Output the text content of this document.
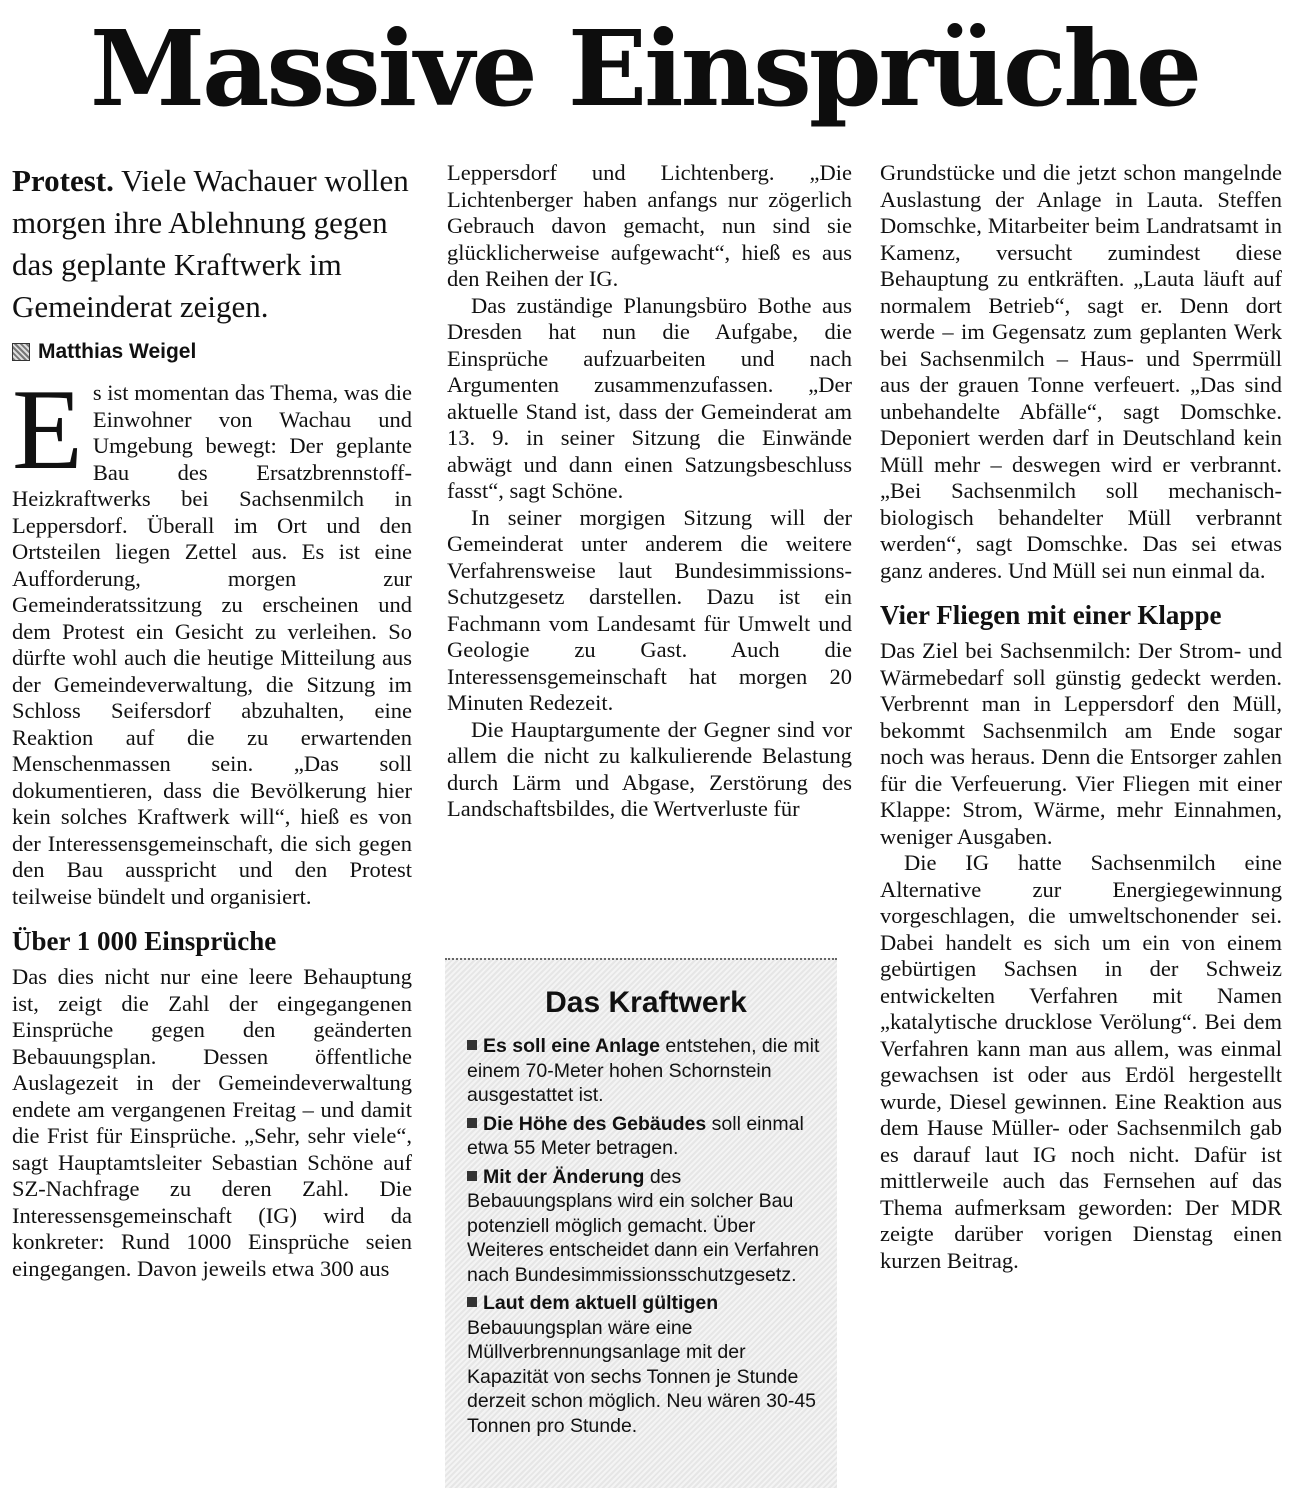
Massive Einsprüche

Protest. Viele Wachauer wollen morgen ihre Ablehnung gegen das geplante Kraftwerk im Gemeinderat zeigen.

Matthias Weigel

Es ist momentan das Thema, was die Einwohner von Wachau und Umgebung bewegt: Der geplante Bau des Ersatzbrennstoff-Heizkraftwerks bei Sachsenmilch in Leppersdorf. Überall im Ort und den Ortsteilen liegen Zettel aus. Es ist eine Aufforderung, morgen zur Gemeinderatssitzung zu erscheinen und dem Protest ein Gesicht zu verleihen. So dürfte wohl auch die heutige Mitteilung aus der Gemeindeverwaltung, die Sitzung im Schloss Seifersdorf abzuhalten, eine Reaktion auf die zu erwartenden Menschenmassen sein. „Das soll dokumentieren, dass die Bevölkerung hier kein solches Kraftwerk will“, hieß es von der Interessensgemeinschaft, die sich gegen den Bau ausspricht und den Protest teilweise bündelt und organisiert.

Über 1 000 Einsprüche

Das dies nicht nur eine leere Behauptung ist, zeigt die Zahl der eingegangenen Einsprüche gegen den geänderten Bebauungsplan. Dessen öffentliche Auslagezeit in der Gemeindeverwaltung endete am vergangenen Freitag – und damit die Frist für Einsprüche. „Sehr, sehr viele“, sagt Hauptamtsleiter Sebastian Schöne auf SZ-Nachfrage zu deren Zahl. Die Interessensgemeinschaft (IG) wird da konkreter: Rund 1000 Einsprüche seien eingegangen. Davon jeweils etwa 300 aus

Leppersdorf und Lichtenberg. „Die Lichtenberger haben anfangs nur zögerlich Gebrauch davon gemacht, nun sind sie glücklicherweise aufgewacht“, hieß es aus den Reihen der IG.

Das zuständige Planungsbüro Bothe aus Dresden hat nun die Aufgabe, die Einsprüche aufzuarbeiten und nach Argumenten zusammenzufassen. „Der aktuelle Stand ist, dass der Gemeinderat am 13. 9. in seiner Sitzung die Einwände abwägt und dann einen Satzungsbeschluss fasst“, sagt Schöne.

In seiner morgigen Sitzung will der Gemeinderat unter anderem die weitere Verfahrensweise laut Bundesimmissions-Schutzgesetz darstellen. Dazu ist ein Fachmann vom Landesamt für Umwelt und Geologie zu Gast. Auch die Interessensgemeinschaft hat morgen 20 Minuten Redezeit.

Die Hauptargumente der Gegner sind vor allem die nicht zu kalkulierende Belastung durch Lärm und Abgase, Zerstörung des Landschaftsbildes, die Wertverluste für

Das Kraftwerk

Es soll eine Anlage entstehen, die mit einem 70-Meter hohen Schornstein ausgestattet ist.

Die Höhe des Gebäudes soll einmal etwa 55 Meter betragen.

Mit der Änderung des Bebauungsplans wird ein solcher Bau potenziell möglich gemacht. Über Weiteres entscheidet dann ein Verfahren nach Bundesimmissionsschutzgesetz.

Laut dem aktuell gültigen Bebauungsplan wäre eine Müllverbrennungsanlage mit der Kapazität von sechs Tonnen je Stunde derzeit schon möglich. Neu wären 30-45 Tonnen pro Stunde.

Grundstücke und die jetzt schon mangelnde Auslastung der Anlage in Lauta. Steffen Domschke, Mitarbeiter beim Landratsamt in Kamenz, versucht zumindest diese Behauptung zu entkräften. „Lauta läuft auf normalem Betrieb“, sagt er. Denn dort werde – im Gegensatz zum geplanten Werk bei Sachsenmilch – Haus- und Sperrmüll aus der grauen Tonne verfeuert. „Das sind unbehandelte Abfälle“, sagt Domschke. Deponiert werden darf in Deutschland kein Müll mehr – deswegen wird er verbrannt. „Bei Sachsenmilch soll mechanisch-biologisch behandelter Müll verbrannt werden“, sagt Domschke. Das sei etwas ganz anderes. Und Müll sei nun einmal da.

Vier Fliegen mit einer Klappe

Das Ziel bei Sachsenmilch: Der Strom- und Wärmebedarf soll günstig gedeckt werden. Verbrennt man in Leppersdorf den Müll, bekommt Sachsenmilch am Ende sogar noch was heraus. Denn die Entsorger zahlen für die Verfeuerung. Vier Fliegen mit einer Klappe: Strom, Wärme, mehr Einnahmen, weniger Ausgaben.

Die IG hatte Sachsenmilch eine Alternative zur Energiegewinnung vorgeschlagen, die umweltschonender sei. Dabei handelt es sich um ein von einem gebürtigen Sachsen in der Schweiz entwickelten Verfahren mit Namen „katalytische drucklose Verölung“. Bei dem Verfahren kann man aus allem, was einmal gewachsen ist oder aus Erdöl hergestellt wurde, Diesel gewinnen. Eine Reaktion aus dem Hause Müller- oder Sachsenmilch gab es darauf laut IG noch nicht. Dafür ist mittlerweile auch das Fernsehen auf das Thema aufmerksam geworden: Der MDR zeigte darüber vorigen Dienstag einen kurzen Beitrag.
